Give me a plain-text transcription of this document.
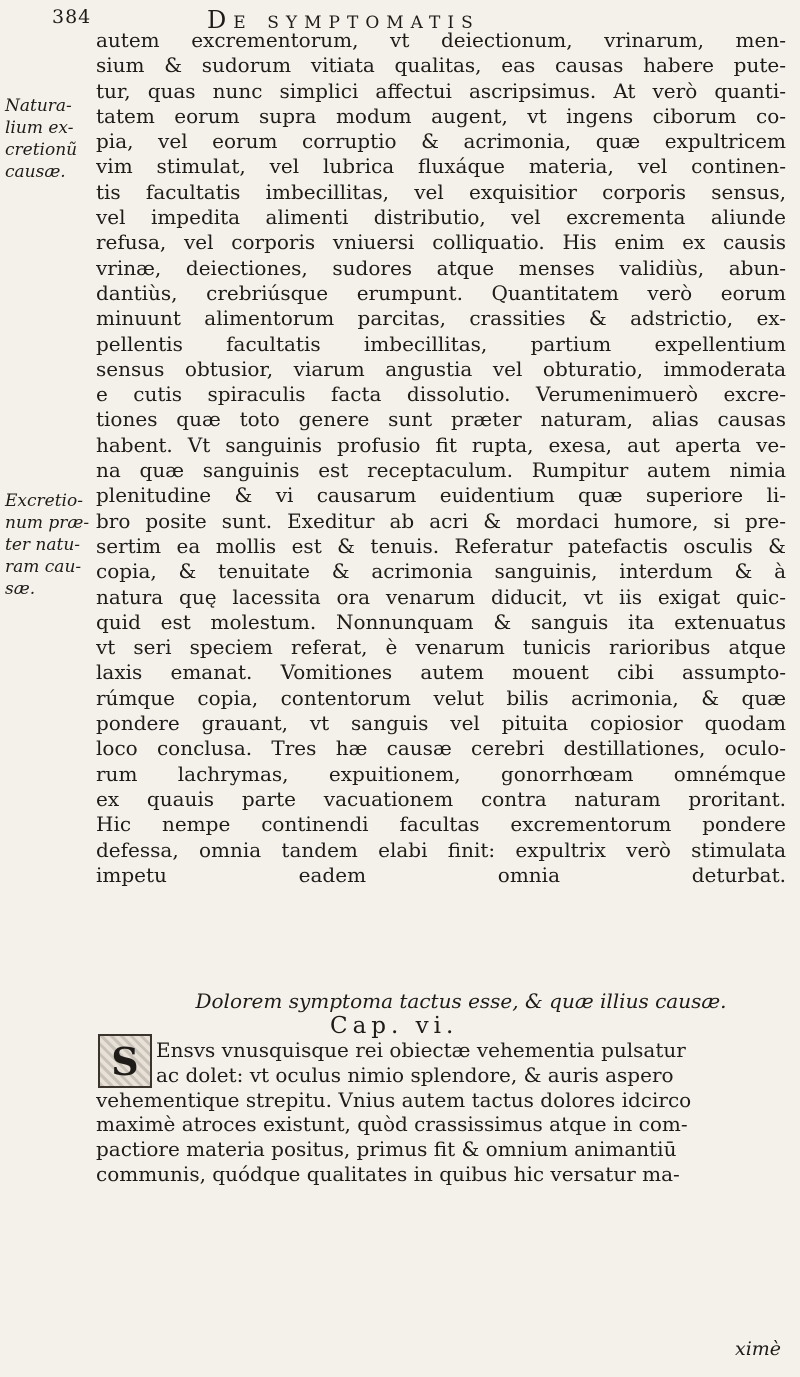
384	De symptomatis
Natura-
lium ex-
cretionũ
causæ.
Excretio-
num præ-
ter natu-
ram cau-
sæ.
autem excrementorum, vt deiectionum, vrinarum, men-
sium & sudorum vitiata qualitas, eas causas habere pute-
tur, quas nunc simplici affectui ascripsimus. At verò quanti-
tatem eorum supra modum augent, vt ingens ciborum co-
pia, vel eorum corruptio & acrimonia, quæ expultricem
vim stimulat, vel lubrica fluxáque materia, vel continen-
tis facultatis imbecillitas, vel exquisitior corporis sensus,
vel impedita alimenti distributio, vel excrementa aliunde
refusa, vel corporis vniuersi colliquatio. His enim ex causis
vrinæ, deiectiones, sudores atque menses validiùs, abun-
dantiùs, crebriúsque erumpunt. Quantitatem verò eorum
minuunt alimentorum parcitas, crassities & adstrictio, ex-
pellentis facultatis imbecillitas, partium expellentium
sensus obtusior, viarum angustia vel obturatio, immoderata
e cutis spiraculis facta dissolutio. Verumenimuerò excre-
tiones quæ toto genere sunt præter naturam, alias causas
habent. Vt sanguinis profusio fit rupta, exesa, aut aperta ve-
na quæ sanguinis est receptaculum. Rumpitur autem nimia
plenitudine & vi causarum euidentium quæ superiore li-
bro posite sunt. Exeditur ab acri & mordaci humore, si pre-
sertim ea mollis est & tenuis. Referatur patefactis osculis &
copia, & tenuitate & acrimonia sanguinis, interdum & à
natura quę lacessita ora venarum diducit, vt iis exigat quic-
quid est molestum. Nonnunquam & sanguis ita extenuatus
vt seri speciem referat, è venarum tunicis rarioribus atque
laxis emanat. Vomitiones autem mouent cibi assumpto-
rúmque copia, contentorum velut bilis acrimonia, & quæ
pondere grauant, vt sanguis vel pituita copiosior quodam
loco conclusa. Tres hæ causæ cerebri destillationes, oculo-
rum lachrymas, expuitionem, gonorrhœam omnémque
ex quauis parte vacuationem contra naturam proritant.
Hic nempe continendi facultas excrementorum pondere
defessa, omnia tandem elabi finit: expultrix verò stimulata
impetu eadem omnia deturbat.
Dolorem symptoma tactus esse, & quæ illius causæ.
Cap. vi.
S Ensvs vnusquisque rei obiectæ vehementia pulsatur
ac dolet: vt oculus nimio splendore, & auris aspero
vehementique strepitu. Vnius autem tactus dolores idcirco
maximè atroces existunt, quòd crassissimus atque in com-
pactiore materia positus, primus fit & omnium animantiū
communis, quódque qualitates in quibus hic versatur ma-
ximè
